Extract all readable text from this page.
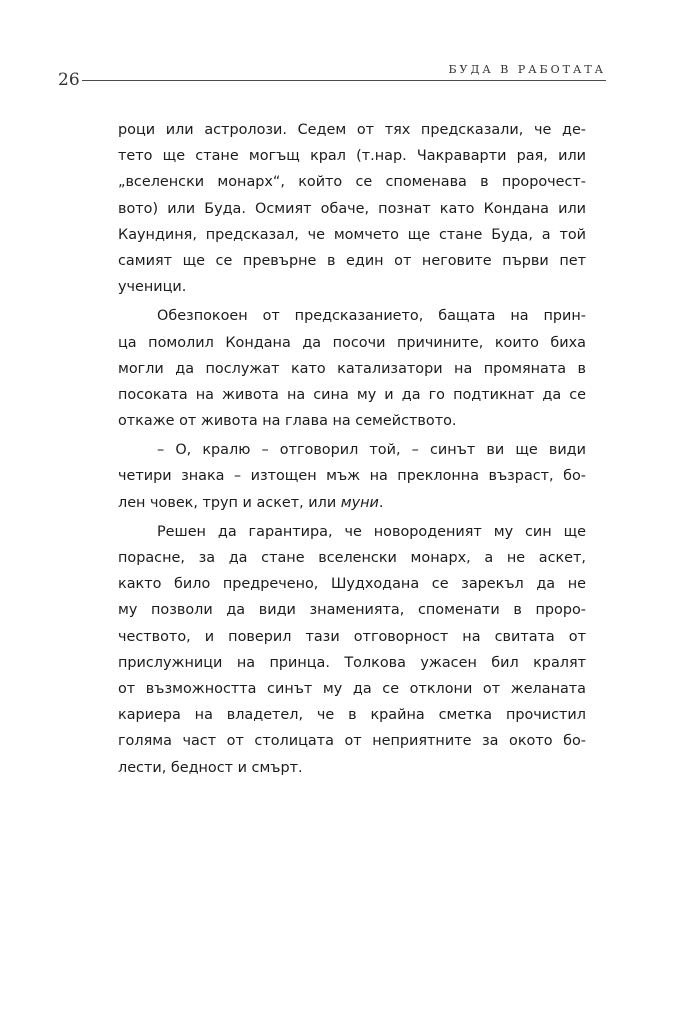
26
БУДА В РАБОТАТА
роци или астролози. Седем от тях предсказали, че де-
тето ще стане могъщ крал (т.нар. Чакраварти рая, или
„вселенски монарх“, който се споменава в пророчест-
вото) или Буда. Осмият обаче, познат като Кондана или
Каундиня, предсказал, че момчето ще стане Буда, а той
самият ще се превърне в един от неговите първи пет
ученици.
Обезпокоен от предсказанието, бащата на прин-
ца помолил Кондана да посочи причините, които биха
могли да послужат като катализатори на промяната в
посоката на живота на сина му и да го подтикнат да се
откаже от живота на глава на семейството.
– О, кралю – отговорил той, – синът ви ще види
четири знака – изтощен мъж на преклонна възраст, бо-
лен човек, труп и аскет, или муни.
Решен да гарантира, че новороденият му син ще
порасне, за да стане вселенски монарх, а не аскет,
както било предречено, Шудходана се зарекъл да не
му позволи да види знаменията, споменати в проро-
чеството, и поверил тази отговорност на свитата от
прислужници на принца. Толкова ужасен бил кралят
от възможността синът му да се отклони от желаната
кариера на владетел, че в крайна сметка прочистил
голяма част от столицата от неприятните за окото бо-
лести, бедност и смърт.
